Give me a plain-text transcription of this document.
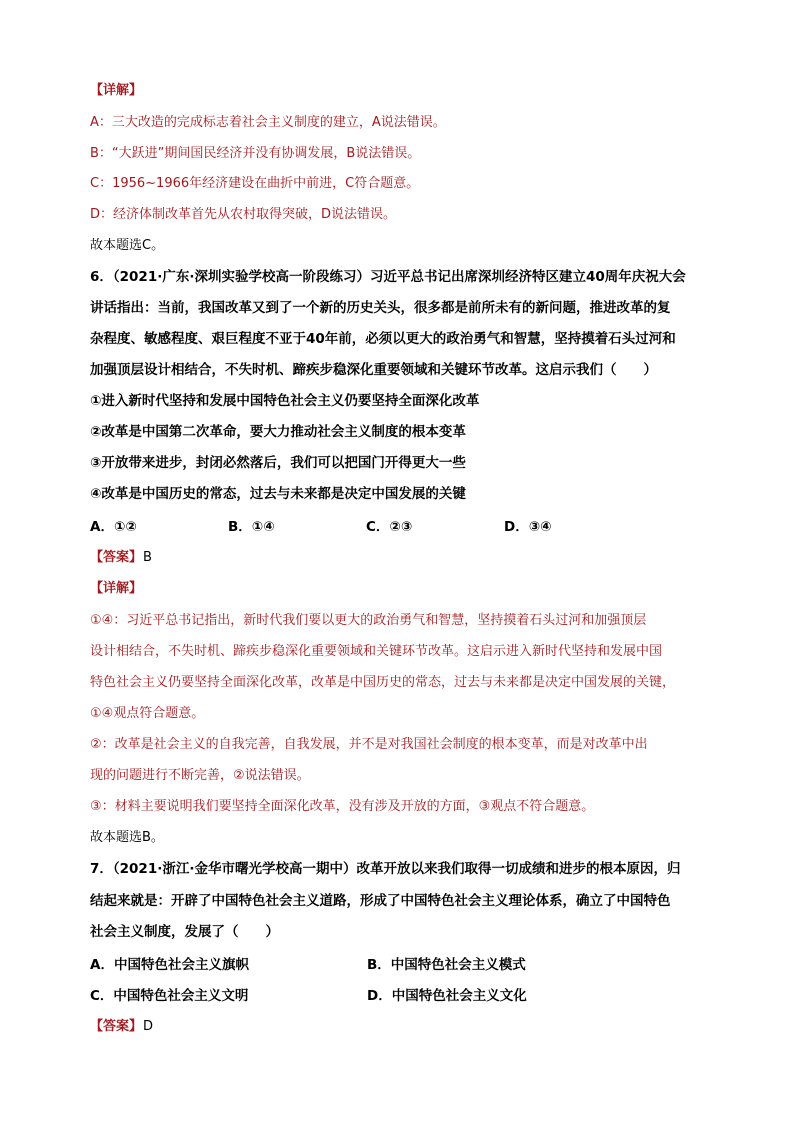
【详解】

A：三大改造的完成标志着社会主义制度的建立，A说法错误。

B：“大跃进”期间国民经济并没有协调发展，B说法错误。

C：1956~1966年经济建设在曲折中前进，C符合题意。

D：经济体制改革首先从农村取得突破，D说法错误。

故本题选C。

6．（2021·广东·深圳实验学校高一阶段练习）习近平总书记出席深圳经济特区建立40周年庆祝大会

讲话指出：当前，我国改革又到了一个新的历史关头，很多都是前所未有的新问题，推进改革的复

杂程度、敏感程度、艰巨程度不亚于40年前，必须以更大的政治勇气和智慧，坚持摸着石头过河和

加强顶层设计相结合，不失时机、蹄疾步稳深化重要领域和关键环节改革。这启示我们（　　）

①进入新时代坚持和发展中国特色社会主义仍要坚持全面深化改革

②改革是中国第二次革命，要大力推动社会主义制度的根本变革

③开放带来进步，封闭必然落后，我们可以把国门开得更大一些

④改革是中国历史的常态，过去与未来都是决定中国发展的关键

A．①②	B．①④	C．②③	D．③④

【答案】B

【详解】

①④：习近平总书记指出，新时代我们要以更大的政治勇气和智慧，坚持摸着石头过河和加强顶层

设计相结合，不失时机、蹄疾步稳深化重要领域和关键环节改革。这启示进入新时代坚持和发展中国

特色社会主义仍要坚持全面深化改革，改革是中国历史的常态，过去与未来都是决定中国发展的关键，

①④观点符合题意。

②：改革是社会主义的自我完善，自我发展，并不是对我国社会制度的根本变革，而是对改革中出

现的问题进行不断完善，②说法错误。

③：材料主要说明我们要坚持全面深化改革，没有涉及开放的方面，③观点不符合题意。

故本题选B。

7．（2021·浙江·金华市曙光学校高一期中）改革开放以来我们取得一切成绩和进步的根本原因，归

结起来就是：开辟了中国特色社会主义道路，形成了中国特色社会主义理论体系，确立了中国特色

社会主义制度，发展了（　　）

A．中国特色社会主义旗帜	B．中国特色社会主义模式
C．中国特色社会主义文明	D．中国特色社会主义文化

【答案】D
